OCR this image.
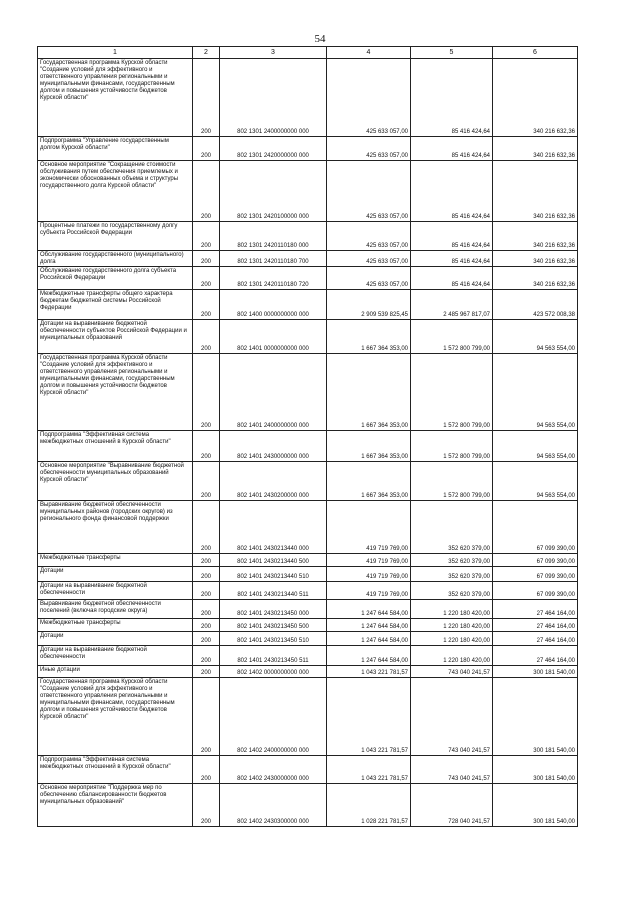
54
1	2	3	4	5	6
Государственная программа Курской области "Создание условий для эффективного и ответственного управления региональными и муниципальными финансами, государственным долгом и повышения устойчивости бюджетов Курской области"	200	802 1301 2400000000 000	425 633 057,00	85 416 424,64	340 216 632,36
Подпрограмма "Управление государственным долгом Курской области"	200	802 1301 2420000000 000	425 633 057,00	85 416 424,64	340 216 632,36
Основное мероприятие "Сокращение стоимости обслуживания путем обеспечения приемлемых и экономически обоснованных объема и структуры государственного долга Курской области"	200	802 1301 2420100000 000	425 633 057,00	85 416 424,64	340 216 632,36
Процентные платежи по государственному долгу субъекта Российской Федерации	200	802 1301 2420110180 000	425 633 057,00	85 416 424,64	340 216 632,36
Обслуживание государственного (муниципального) долга	200	802 1301 2420110180 700	425 633 057,00	85 416 424,64	340 216 632,36
Обслуживание государственного долга субъекта Российской Федерации	200	802 1301 2420110180 720	425 633 057,00	85 416 424,64	340 216 632,36
Межбюджетные трансферты общего характера бюджетам бюджетной системы Российской Федерации	200	802 1400 0000000000 000	2 909 539 825,45	2 485 967 817,07	423 572 008,38
Дотации на выравнивание бюджетной обеспеченности субъектов Российской Федерации и муниципальных образований	200	802 1401 0000000000 000	1 667 364 353,00	1 572 800 799,00	94 563 554,00
Государственная программа Курской области "Создание условий для эффективного и ответственного управления региональными и муниципальными финансами, государственным долгом и повышения устойчивости бюджетов Курской области"	200	802 1401 2400000000 000	1 667 364 353,00	1 572 800 799,00	94 563 554,00
Подпрограмма "Эффективная система межбюджетных отношений в Курской области"	200	802 1401 2430000000 000	1 667 364 353,00	1 572 800 799,00	94 563 554,00
Основное мероприятие "Выравнивание бюджетной обеспеченности муниципальных образований Курской области"	200	802 1401 2430200000 000	1 667 364 353,00	1 572 800 799,00	94 563 554,00
Выравнивание бюджетной обеспеченности муниципальных районов (городских округов) из регионального фонда финансовой поддержки	200	802 1401 2430213440 000	419 719 769,00	352 620 379,00	67 099 390,00
Межбюджетные трансферты	200	802 1401 2430213440 500	419 719 769,00	352 620 379,00	67 099 390,00
Дотации	200	802 1401 2430213440 510	419 719 769,00	352 620 379,00	67 099 390,00
Дотации на выравнивание бюджетной обеспеченности	200	802 1401 2430213440 511	419 719 769,00	352 620 379,00	67 099 390,00
Выравнивание бюджетной обеспеченности поселений (включая городские округа)	200	802 1401 2430213450 000	1 247 644 584,00	1 220 180 420,00	27 464 164,00
Межбюджетные трансферты	200	802 1401 2430213450 500	1 247 644 584,00	1 220 180 420,00	27 464 164,00
Дотации	200	802 1401 2430213450 510	1 247 644 584,00	1 220 180 420,00	27 464 164,00
Дотации на выравнивание бюджетной обеспеченности	200	802 1401 2430213450 511	1 247 644 584,00	1 220 180 420,00	27 464 164,00
Иные дотации	200	802 1402 0000000000 000	1 043 221 781,57	743 040 241,57	300 181 540,00
Государственная программа Курской области "Создание условий для эффективного и ответственного управления региональными и муниципальными финансами, государственным долгом и повышения устойчивости бюджетов Курской области"	200	802 1402 2400000000 000	1 043 221 781,57	743 040 241,57	300 181 540,00
Подпрограмма "Эффективная система межбюджетных отношений в Курской области"	200	802 1402 2430000000 000	1 043 221 781,57	743 040 241,57	300 181 540,00
Основное мероприятие "Поддержка мер по обеспечению сбалансированности бюджетов муниципальных образований"	200	802 1402 2430300000 000	1 028 221 781,57	728 040 241,57	300 181 540,00
